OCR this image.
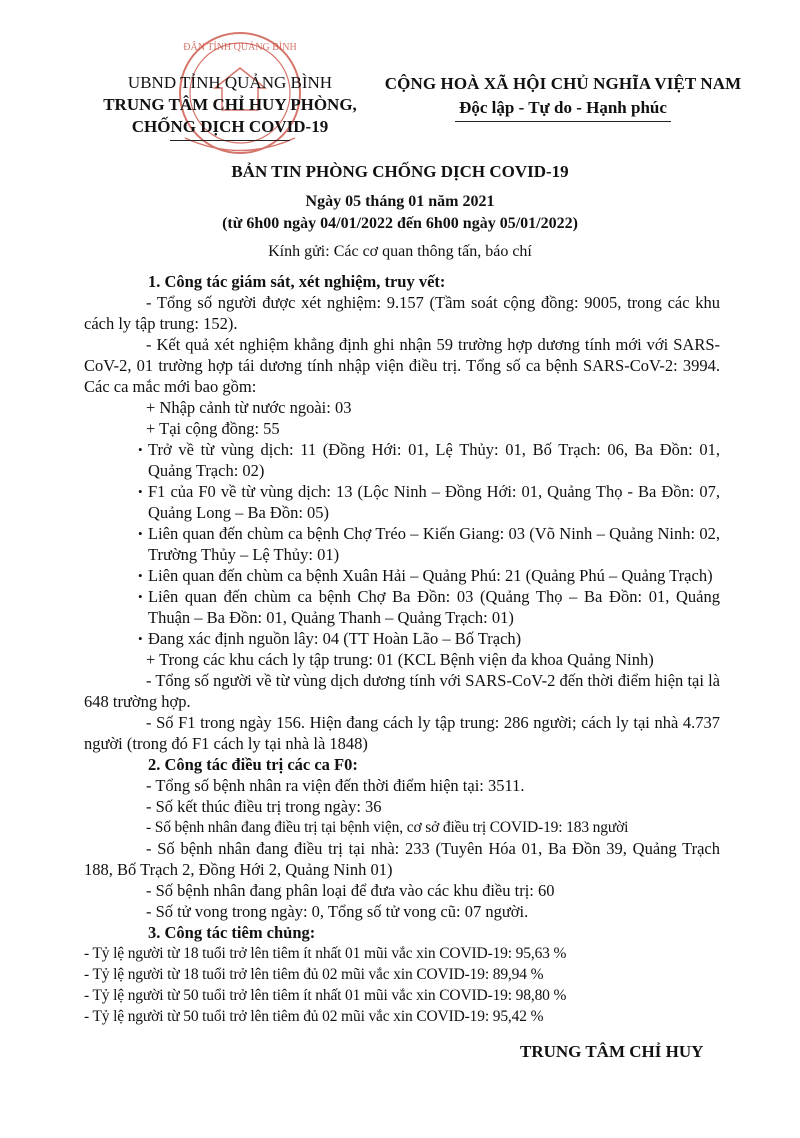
ĐÂN TỈNH QUẢNG BÌNH
UBND TỈNH QUẢNG BÌNH
TRUNG TÂM CHỈ HUY PHÒNG,
CHỐNG DỊCH COVID-19
CỘNG HOÀ XÃ HỘI CHỦ NGHĨA VIỆT NAM
Độc lập - Tự do - Hạnh phúc
BẢN TIN PHÒNG CHỐNG DỊCH COVID-19
Ngày 05 tháng 01 năm 2021
(từ 6h00 ngày 04/01/2022 đến 6h00 ngày 05/01/2022)
Kính gửi: Các cơ quan thông tấn, báo chí

1. Công tác giám sát, xét nghiệm, truy vết:

- Tổng số người được xét nghiệm: 9.157 (Tầm soát cộng đồng: 9005, trong các khu cách ly tập trung: 152).

- Kết quả xét nghiệm khẳng định ghi nhận 59 trường hợp dương tính mới với SARS-CoV-2, 01 trường hợp tái dương tính nhập viện điều trị. Tổng số ca bệnh SARS-CoV-2: 3994. Các ca mắc mới bao gồm:

+ Nhập cảnh từ nước ngoài: 03

+ Tại cộng đồng: 55

• Trở về từ vùng dịch: 11 (Đồng Hới: 01, Lệ Thủy: 01, Bố Trạch: 06, Ba Đồn: 01, Quảng Trạch: 02)

• F1 của F0 về từ vùng dịch: 13 (Lộc Ninh – Đồng Hới: 01, Quảng Thọ - Ba Đồn: 07, Quảng Long – Ba Đồn: 05)

• Liên quan đến chùm ca bệnh Chợ Tréo – Kiến Giang: 03 (Võ Ninh – Quảng Ninh: 02, Trường Thủy – Lệ Thủy: 01)

• Liên quan đến chùm ca bệnh Xuân Hải – Quảng Phú: 21 (Quảng Phú – Quảng Trạch)

• Liên quan đến chùm ca bệnh Chợ Ba Đồn: 03 (Quảng Thọ – Ba Đồn: 01, Quảng Thuận – Ba Đồn: 01, Quảng Thanh – Quảng Trạch: 01)

• Đang xác định nguồn lây: 04 (TT Hoàn Lão – Bố Trạch)

+ Trong các khu cách ly tập trung: 01 (KCL Bệnh viện đa khoa Quảng Ninh)

- Tổng số người về từ vùng dịch dương tính với SARS-CoV-2 đến thời điểm hiện tại là 648 trường hợp.

- Số F1 trong ngày 156. Hiện đang cách ly tập trung: 286 người; cách ly tại nhà 4.737 người (trong đó F1 cách ly tại nhà là 1848)

2. Công tác điều trị các ca F0:

- Tổng số bệnh nhân ra viện đến thời điểm hiện tại: 3511.

- Số kết thúc điều trị trong ngày: 36

- Số bệnh nhân đang điều trị tại bệnh viện, cơ sở điều trị COVID-19: 183 người

- Số bệnh nhân đang điều trị tại nhà: 233 (Tuyên Hóa 01, Ba Đồn 39, Quảng Trạch 188, Bố Trạch 2, Đồng Hới 2, Quảng Ninh 01)

- Số bệnh nhân đang phân loại để đưa vào các khu điều trị: 60

- Số tử vong trong ngày: 0, Tổng số tử vong cũ: 07 người.

3. Công tác tiêm chủng:

- Tỷ lệ người từ 18 tuổi trở lên tiêm ít nhất 01 mũi vắc xin COVID-19: 95,63 %

- Tỷ lệ người từ 18 tuổi trở lên tiêm đủ 02 mũi vắc xin COVID-19: 89,94 %

- Tỷ lệ người từ 50 tuổi trở lên tiêm ít nhất 01 mũi vắc xin COVID-19: 98,80 %

- Tỷ lệ người từ 50 tuổi trở lên tiêm đủ 02 mũi vắc xin COVID-19: 95,42 %

TRUNG TÂM CHỈ HUY
